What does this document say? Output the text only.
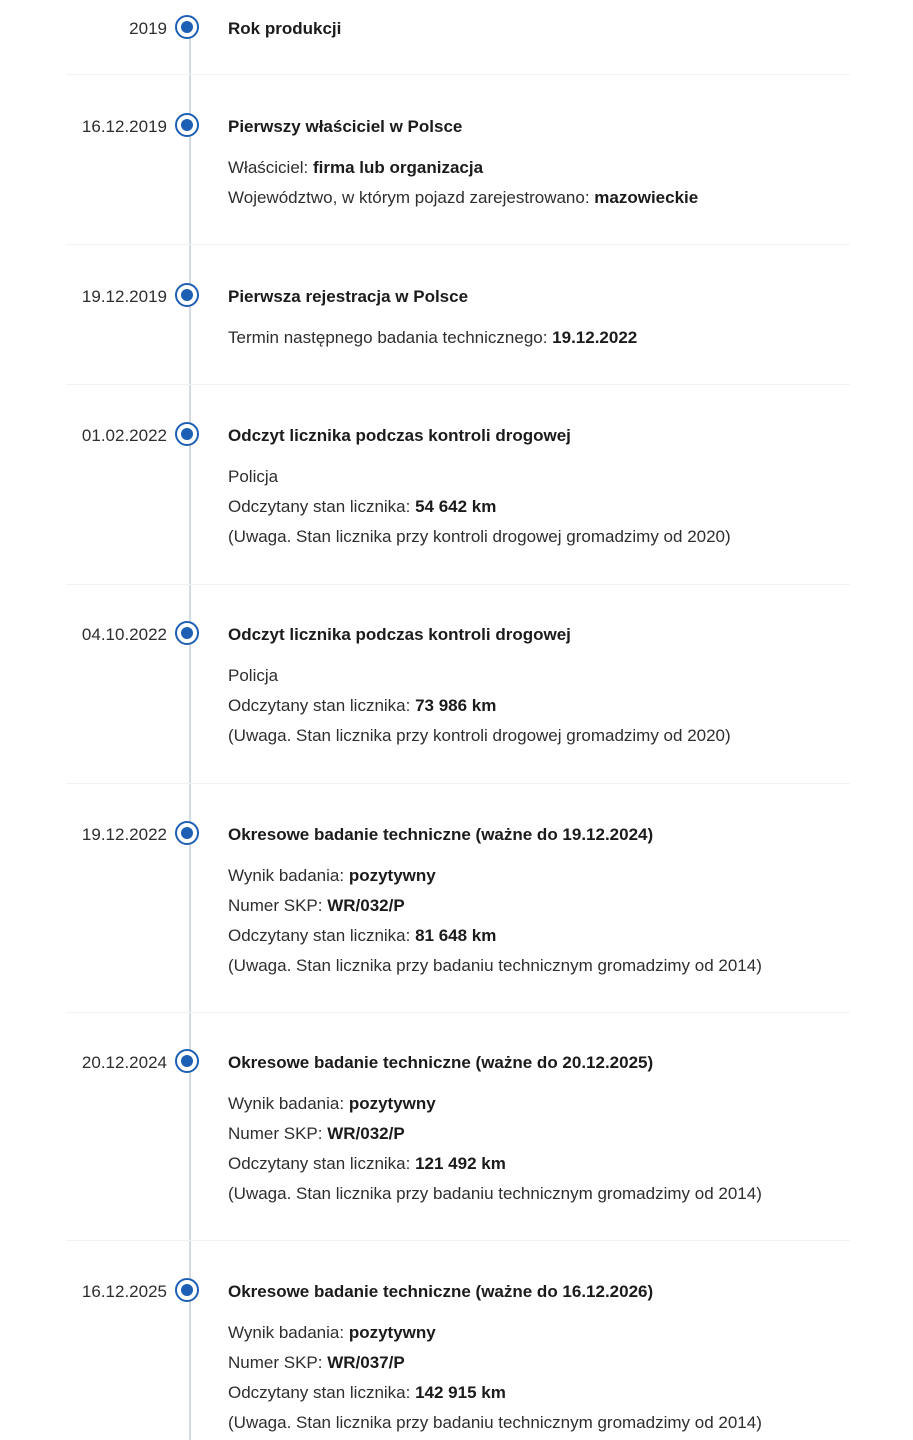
2019	Rok produkcji
16.12.2019	Pierwszy właściciel w Polsce
Właściciel: firma lub organizacja
Województwo, w którym pojazd zarejestrowano: mazowieckie
19.12.2019	Pierwsza rejestracja w Polsce
Termin następnego badania technicznego: 19.12.2022
01.02.2022	Odczyt licznika podczas kontroli drogowej
Policja
Odczytany stan licznika: 54 642 km
(Uwaga. Stan licznika przy kontroli drogowej gromadzimy od 2020)
04.10.2022	Odczyt licznika podczas kontroli drogowej
Policja
Odczytany stan licznika: 73 986 km
(Uwaga. Stan licznika przy kontroli drogowej gromadzimy od 2020)
19.12.2022	Okresowe badanie techniczne (ważne do 19.12.2024)
Wynik badania: pozytywny
Numer SKP: WR/032/P
Odczytany stan licznika: 81 648 km
(Uwaga. Stan licznika przy badaniu technicznym gromadzimy od 2014)
20.12.2024	Okresowe badanie techniczne (ważne do 20.12.2025)
Wynik badania: pozytywny
Numer SKP: WR/032/P
Odczytany stan licznika: 121 492 km
(Uwaga. Stan licznika przy badaniu technicznym gromadzimy od 2014)
16.12.2025	Okresowe badanie techniczne (ważne do 16.12.2026)
Wynik badania: pozytywny
Numer SKP: WR/037/P
Odczytany stan licznika: 142 915 km
(Uwaga. Stan licznika przy badaniu technicznym gromadzimy od 2014)
